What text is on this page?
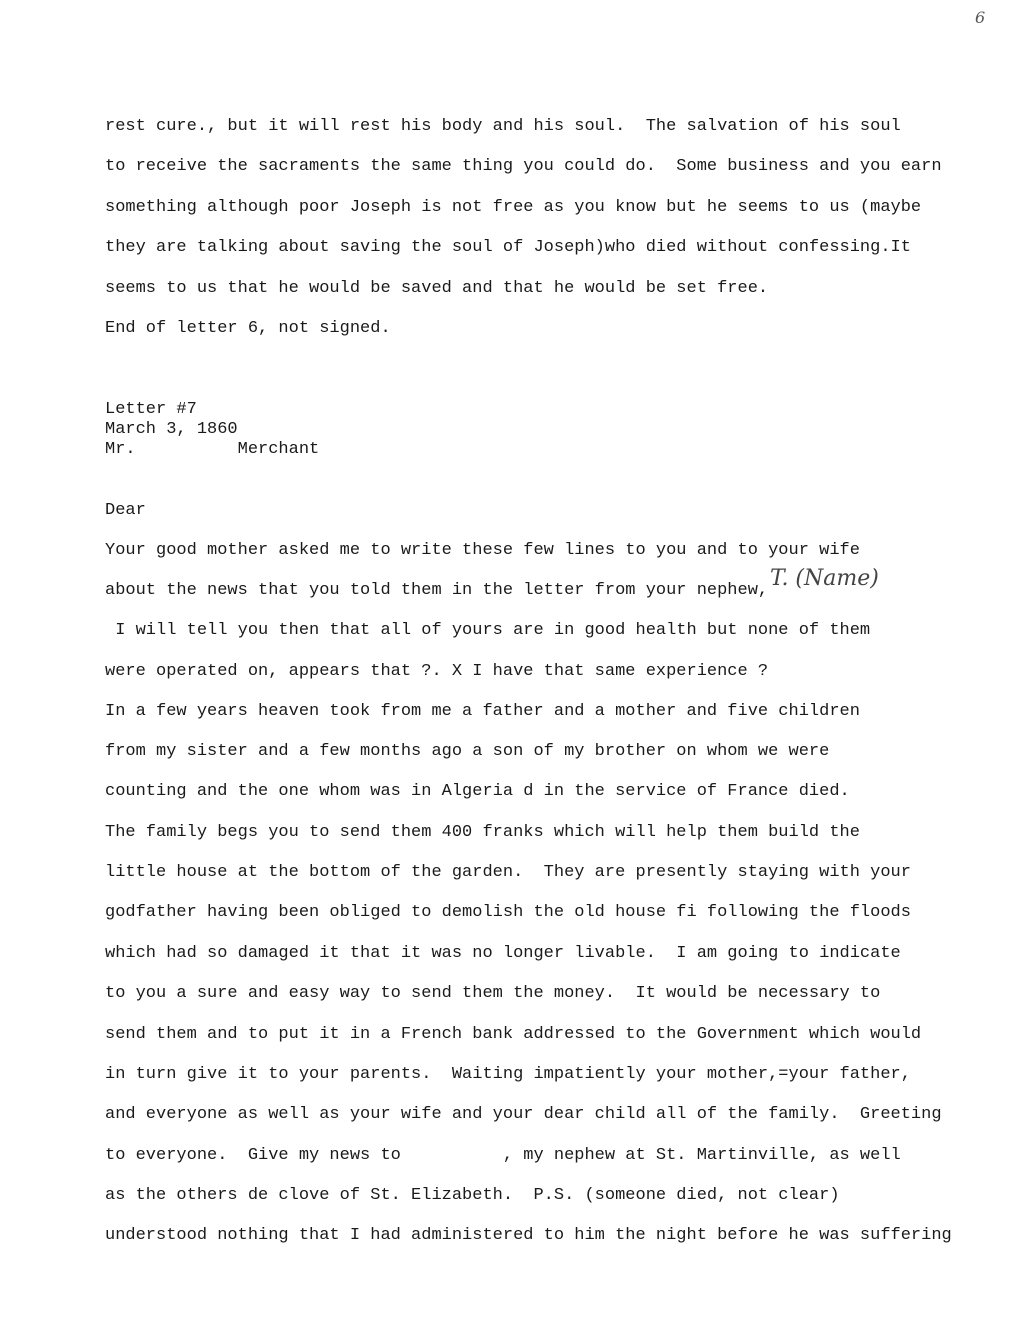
6
rest cure., but it will rest his body and his soul.  The salvation of his soul
to receive the sacraments the same thing you could do.  Some business and you earn
something although poor Joseph is not free as you know but he seems to us (maybe
they are talking about saving the soul of Joseph)who died without confessing.It
seems to us that he would be saved and that he would be set free.
End of letter 6, not signed.
Letter #7
March 3, 1860
Mr.          Merchant
Dear
Your good mother asked me to write these few lines to you and to your wife
about the news that you told them in the letter from your nephew,
I will tell you then that all of yours are in good health but none of them
were operated on, appears that ?. X I have that same experience ?
In a few years heaven took from me a father and a mother and five children
from my sister and a few months ago a son of my brother on whom we were
counting and the one whom was in Algeria d in the service of France died.
The family begs you to send them 400 franks which will help them build the
little house at the bottom of the garden.  They are presently staying with your
godfather having been obliged to demolish the old house fi following the floods
which had so damaged it that it was no longer livable.  I am going to indicate
to you a sure and easy way to send them the money.  It would be necessary to
send them and to put it in a French bank addressed to the Government which would
in turn give it to your parents.  Waiting impatiently your mother,=your father,
and everyone as well as your wife and your dear child all of the family.  Greeting
to everyone.  Give my news to          , my nephew at St. Martinville, as well
as the others de clove of St. Elizabeth.  P.S. (someone died, not clear)
understood nothing that I had administered to him the night before he was suffering
T. (Name)
